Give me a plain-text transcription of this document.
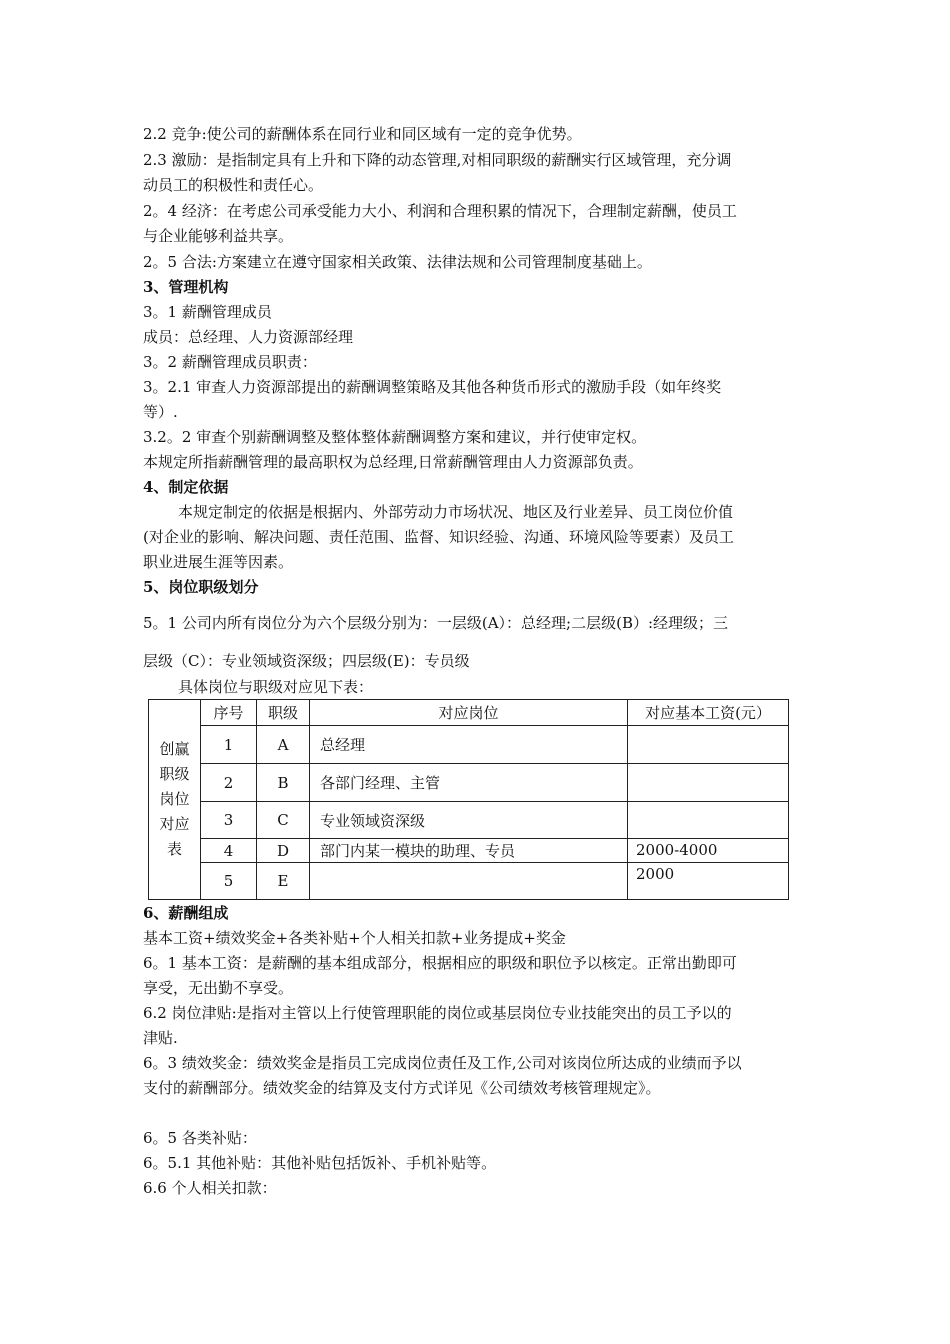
2.2 竞争:使公司的薪酬体系在同行业和同区域有一定的竞争优势。
2.3 激励：是指制定具有上升和下降的动态管理,对相同职级的薪酬实行区域管理，充分调
动员工的积极性和责任心。
2。4 经济：在考虑公司承受能力大小、利润和合理积累的情况下，合理制定薪酬，使员工
与企业能够利益共享。
2。5 合法:方案建立在遵守国家相关政策、法律法规和公司管理制度基础上。
3、管理机构
3。1 薪酬管理成员
成员：总经理、人力资源部经理
3。2 薪酬管理成员职责：
3。2.1 审查人力资源部提出的薪酬调整策略及其他各种货币形式的激励手段（如年终奖
等）.
3.2。2 审查个别薪酬调整及整体整体薪酬调整方案和建议，并行使审定权。
本规定所指薪酬管理的最高职权为总经理,日常薪酬管理由人力资源部负责。
4、制定依据
本规定制定的依据是根据内、外部劳动力市场状况、地区及行业差异、员工岗位价值
(对企业的影响、解决问题、责任范围、监督、知识经验、沟通、环境风险等要素）及员工
职业进展生涯等因素。
5、岗位职级划分
5。1 公司内所有岗位分为六个层级分别为：一层级(A）：总经理;二层级(B）:经理级；三
层级（C）：专业领域资深级；四层级(E)：专员级
具体岗位与职级对应见下表：
创赢
职级
岗位
对应
表	序号	职级	对应岗位	对应基本工资(元）
	1	A	总经理	
	2	B	各部门经理、主管	
	3	C	专业领域资深级	
	4	D	部门内某一模块的助理、专员	2000-4000
	5	E		2000
6、薪酬组成
基本工资+绩效奖金+各类补贴+个人相关扣款+业务提成+奖金
6。1 基本工资：是薪酬的基本组成部分，根据相应的职级和职位予以核定。正常出勤即可
享受，无出勤不享受。
6.2 岗位津贴:是指对主管以上行使管理职能的岗位或基层岗位专业技能突出的员工予以的
津贴.
6。3 绩效奖金：绩效奖金是指员工完成岗位责任及工作,公司对该岗位所达成的业绩而予以
支付的薪酬部分。绩效奖金的结算及支付方式详见《公司绩效考核管理规定》。
6。5 各类补贴：
6。5.1 其他补贴：其他补贴包括饭补、手机补贴等。
6.6 个人相关扣款：
